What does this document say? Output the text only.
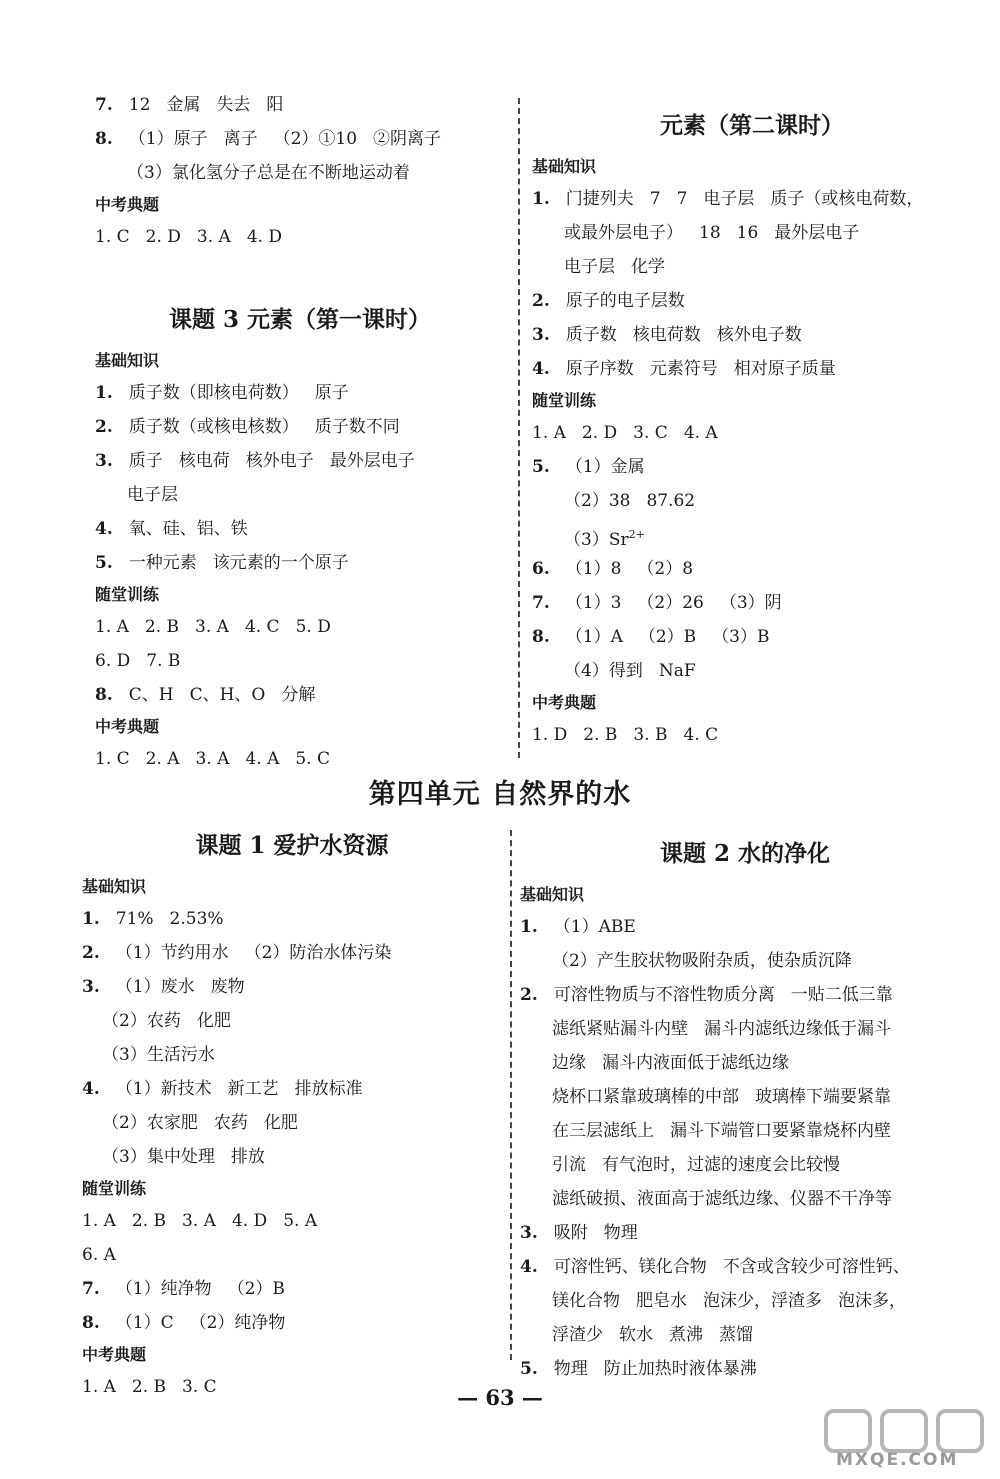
7. 12 金属 失去 阳
8. （1）原子 离子 （2）①10 ②阴离子
（3）氯化氢分子总是在不断地运动着
中考典题
1. C 2. D 3. A 4. D
课题 3 元素（第一课时）
基础知识
1. 质子数（即核电荷数） 原子
2. 质子数（或核电核数） 质子数不同
3. 质子 核电荷 核外电子 最外层电子
电子层
4. 氧、硅、铝、铁
5. 一种元素 该元素的一个原子
随堂训练
1. A 2. B 3. A 4. C 5. D
6. D 7. B
8. C、H C、H、O 分解
中考典题
1. C 2. A 3. A 4. A 5. C
元素（第二课时）
基础知识
1. 门捷列夫 7 7 电子层 质子（或核电荷数，
或最外层电子） 18 16 最外层电子
电子层 化学
2. 原子的电子层数
3. 质子数 核电荷数 核外电子数
4. 原子序数 元素符号 相对原子质量
随堂训练
1. A 2. D 3. C 4. A
5. （1）金属
（2）38 87.62
$(3)Sr^{2+}$
6. （1）8 （2）8
7. （1）3 （2）26 （3）阴
8. （1）A （2）B （3）B
（4）得到 NaF
中考典题
1. D 2. B 3. B 4. C
第四单元 自然界的水
课题 1 爱护水资源
基础知识
1. 71% 2.53%
2. （1）节约用水 （2）防治水体污染
3. （1）废水 废物
（2）农药 化肥
（3）生活污水
4. （1）新技术 新工艺 排放标准
（2）农家肥 农药 化肥
（3）集中处理 排放
随堂训练
1. A 2. B 3. A 4. D 5. A
6. A
7. （1）纯净物 （2）B
8. （1）C （2）纯净物
中考典题
1. A 2. B 3. C
课题 2 水的净化
基础知识
1. （1）ABE
（2）产生胶状物吸附杂质，使杂质沉降
2. 可溶性物质与不溶性物质分离 一贴二低三靠
滤纸紧贴漏斗内壁 漏斗内滤纸边缘低于漏斗
边缘 漏斗内液面低于滤纸边缘
烧杯口紧靠玻璃棒的中部 玻璃棒下端要紧靠
在三层滤纸上 漏斗下端管口要紧靠烧杯内壁
引流 有气泡时，过滤的速度会比较慢
滤纸破损、液面高于滤纸边缘、仪器不干净等
3. 吸附 物理
4. 可溶性钙、镁化合物 不含或含较少可溶性钙、
镁化合物 肥皂水 泡沫少，浮渣多 泡沫多，
浮渣少 软水 煮沸 蒸馏
5. 物理 防止加热时液体暴沸
— 63 —
MXQE.COM
